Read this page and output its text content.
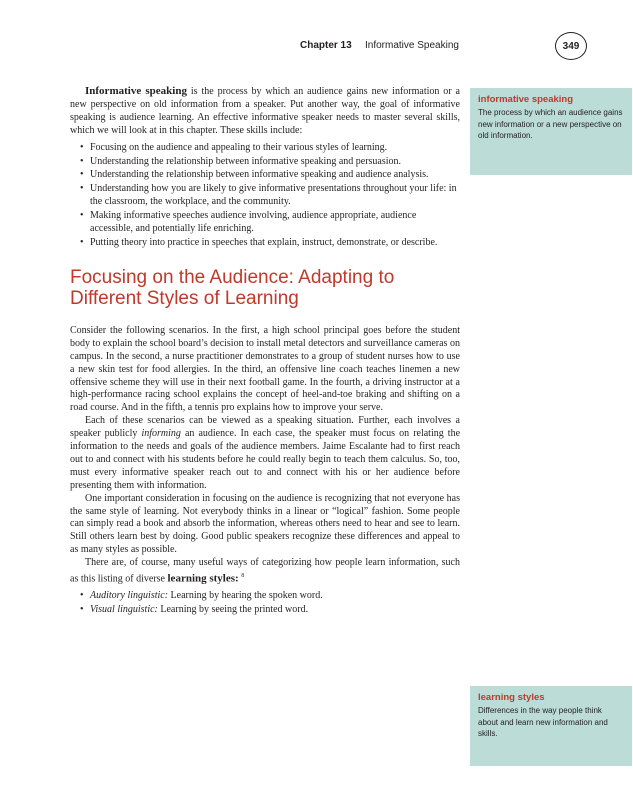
Chapter 13 Informative Speaking	349

Informative speaking is the process by which an audience gains new information or a new perspective on old information from a speaker. Put another way, the goal of informative speaking is audience learning. An effective informative speaker needs to master several skills, which we will look at in this chapter. These skills include:

• Focusing on the audience and appealing to their various styles of learning.
• Understanding the relationship between informative speaking and persuasion.
• Understanding the relationship between informative speaking and audience analysis.
• Understanding how you are likely to give informative presentations throughout your life: in the classroom, the workplace, and the community.
• Making informative speeches audience involving, audience appropriate, audience accessible, and potentially life enriching.
• Putting theory into practice in speeches that explain, instruct, demonstrate, or describe.
Focusing on the Audience: Adapting to Different Styles of Learning

Consider the following scenarios. In the first, a high school principal goes before the student body to explain the school board’s decision to install metal detectors and surveillance cameras on campus. In the second, a nurse practitioner demonstrates to a group of student nurses how to use a new skin test for food allergies. In the third, an offensive line coach teaches linemen a new offensive scheme they will use in their next football game. In the fourth, a driving instructor at a high-performance racing school explains the concept of heel-and-toe braking and shifting on a road course. And in the fifth, a tennis pro explains how to improve your serve.

Each of these scenarios can be viewed as a speaking situation. Further, each involves a speaker publicly informing an audience. In each case, the speaker must focus on relating the information to the needs and goals of the audience members. Jaime Escalante had to first reach out to and connect with his students before he could really begin to teach them calculus. So, too, must every informative speaker reach out to and connect with his or her audience before presenting them with information.

One important consideration in focusing on the audience is recognizing that not everyone has the same style of learning. Not everybody thinks in a linear or “logical” fashion. Some people can simply read a book and absorb the information, whereas others need to hear and see to learn. Still others learn best by doing. Good public speakers recognize these differences and appeal to as many styles as possible.

There are, of course, many useful ways of categorizing how people learn information, such as this listing of diverse learning styles: $^8$

• Auditory linguistic: Learning by hearing the spoken word.
• Visual linguistic: Learning by seeing the printed word.
informative speaking
The process by which an audience gains new information or a new perspective on old information.
learning styles
Differences in the way people think about and learn new information and skills.
